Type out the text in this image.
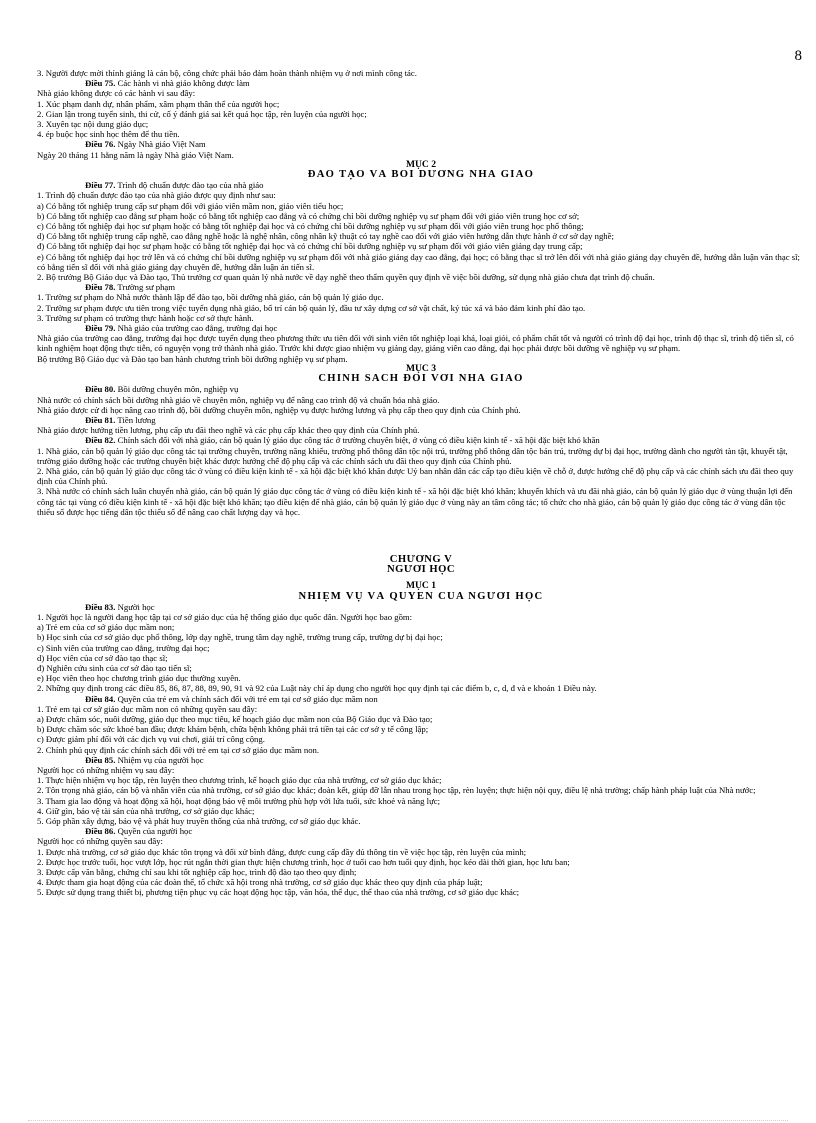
8

3. Người được mời thỉnh giảng là cán bộ, công chức phải bảo đảm hoàn thành nhiệm vụ ở nơi mình công tác.

Điều 75. Các hành vi nhà giáo không được làm

Nhà giáo không được có các hành vi sau đây:

1. Xúc phạm danh dự, nhân phẩm, xâm phạm thân thể của người học;

2. Gian lận trong tuyển sinh, thi cử, cố ý đánh giá sai kết quả học tập, rèn luyện của người học;

3. Xuyên tạc nội dung giáo dục;

4. ép buộc học sinh học thêm để thu tiền.

Điều 76. Ngày Nhà giáo Việt Nam

Ngày 20 tháng 11 hằng năm là ngày Nhà giáo Việt Nam.

MỤC 2

ĐÀO TẠO VÀ BỒI DƯỠNG NHÀ GIÁO

Điều 77. Trình độ chuẩn được đào tạo của nhà giáo

1. Trình độ chuẩn được đào tạo của nhà giáo được quy định như sau:

a) Có bằng tốt nghiệp trung cấp sư phạm đối với giáo viên mầm non, giáo viên tiểu học;

b) Có bằng tốt nghiệp cao đẳng sư phạm hoặc có bằng tốt nghiệp cao đẳng và có chứng chỉ bồi dưỡng nghiệp vụ sư phạm đối với giáo viên trung học cơ sở;

c) Có bằng tốt nghiệp đại học sư phạm hoặc có bằng tốt nghiệp đại học và có chứng chỉ bồi dưỡng nghiệp vụ sư phạm đối với giáo viên trung học phổ thông;

d) Có bằng tốt nghiệp trung cấp nghề, cao đẳng nghề hoặc là nghệ nhân, công nhân kỹ thuật có tay nghề cao đối với giáo viên hướng dẫn thực hành ở cơ sở dạy nghề;

đ) Có bằng tốt nghiệp đại học sư phạm hoặc có bằng tốt nghiệp đại học và có chứng chỉ bồi dưỡng nghiệp vụ sư phạm đối với giáo viên giảng dạy trung cấp;

e) Có bằng tốt nghiệp đại học trở lên và có chứng chỉ bồi dưỡng nghiệp vụ sư phạm đối với nhà giáo giảng dạy cao đẳng, đại học; có bằng thạc sĩ trở lên đối với nhà giáo giảng dạy chuyên đề, hướng dẫn luận văn thạc sĩ; có bằng tiến sĩ đối với nhà giáo giảng dạy chuyên đề, hướng dẫn luận án tiến sĩ.

2. Bộ trưởng Bộ Giáo dục và Đào tạo, Thủ trưởng cơ quan quản lý nhà nước về dạy nghề theo thẩm quyền quy định về việc bồi dưỡng, sử dụng nhà giáo chưa đạt trình độ chuẩn.

Điều 78. Trường sư phạm

1. Trường sư phạm do Nhà nước thành lập để đào tạo, bồi dưỡng nhà giáo, cán bộ quản lý giáo dục.

2. Trường sư phạm được ưu tiên trong việc tuyển dụng nhà giáo, bố trí cán bộ quản lý, đầu tư xây dựng cơ sở vật chất, ký túc xá và bảo đảm kinh phí đào tạo.

3. Trường sư phạm có trường thực hành hoặc cơ sở thực hành.

Điều 79. Nhà giáo của trường cao đẳng, trường đại học

Nhà giáo của trường cao đẳng, trường đại học được tuyển dụng theo phương thức ưu tiên đối với sinh viên tốt nghiệp loại khá, loại giỏi, có phẩm chất tốt và người có trình độ đại học, trình độ thạc sĩ, trình độ tiến sĩ, có kinh nghiệm hoạt động thực tiễn, có nguyện vọng trở thành nhà giáo. Trước khi được giao nhiệm vụ giảng dạy, giảng viên cao đẳng, đại học phải được bồi dưỡng về nghiệp vụ sư phạm.

Bộ trưởng Bộ Giáo dục và Đào tạo ban hành chương trình bồi dưỡng nghiệp vụ sư phạm.

MỤC 3

CHÍNH SÁCH ĐỐI VỚI NHÀ GIÁO

Điều 80. Bồi dưỡng chuyên môn, nghiệp vụ

Nhà nước có chính sách bồi dưỡng nhà giáo về chuyên môn, nghiệp vụ để nâng cao trình độ và chuẩn hóa nhà giáo.

Nhà giáo được cử đi học nâng cao trình độ, bồi dưỡng chuyên môn, nghiệp vụ được hưởng lương và phụ cấp theo quy định của Chính phủ.

Điều 81. Tiền lương

Nhà giáo được hưởng tiền lương, phụ cấp ưu đãi theo nghề và các phụ cấp khác theo quy định của Chính phủ.

Điều 82. Chính sách đối với nhà giáo, cán bộ quản lý giáo dục công tác ở trường chuyên biệt, ở vùng có điều kiện kinh tế - xã hội đặc biệt khó khăn

1. Nhà giáo, cán bộ quản lý giáo dục công tác tại trường chuyên, trường năng khiếu, trường phổ thông dân tộc nội trú, trường phổ thông dân tộc bán trú, trường dự bị đại học, trường dành cho người tàn tật, khuyết tật, trường giáo dưỡng hoặc các trường chuyên biệt khác được hưởng chế độ phụ cấp và các chính sách ưu đãi theo quy định của Chính phủ.

2. Nhà giáo, cán bộ quản lý giáo dục công tác ở vùng có điều kiện kinh tế - xã hội đặc biệt khó khăn được Uỷ ban nhân dân các cấp tạo điều kiện về chỗ ở, được hưởng chế độ phụ cấp và các chính sách ưu đãi theo quy định của Chính phủ.

3. Nhà nước có chính sách luân chuyển nhà giáo, cán bộ quản lý giáo dục công tác ở vùng có điều kiện kinh tế - xã hội đặc biệt khó khăn; khuyến khích và ưu đãi nhà giáo, cán bộ quản lý giáo dục ở vùng thuận lợi đến công tác tại vùng có điều kiện kinh tế - xã hội đặc biệt khó khăn; tạo điều kiện để nhà giáo, cán bộ quản lý giáo dục ở vùng này an tâm công tác; tổ chức cho nhà giáo, cán bộ quản lý giáo dục công tác ở vùng dân tộc thiểu số được học tiếng dân tộc thiểu số để nâng cao chất lượng dạy và học.

CHƯƠNG V

NGƯỜI HỌC

MỤC 1

NHIỆM VỤ VÀ QUYỀN CỦA NGƯỜI HỌC

Điều 83. Người học

1. Người học là người đang học tập tại cơ sở giáo dục của hệ thống giáo dục quốc dân. Người học bao gồm:

a) Trẻ em của cơ sở giáo dục mầm non;

b) Học sinh của cơ sở giáo dục phổ thông, lớp dạy nghề, trung tâm dạy nghề, trường trung cấp, trường dự bị đại học;

c) Sinh viên của trường cao đẳng, trường đại học;

d) Học viên của cơ sở đào tạo thạc sĩ;

đ) Nghiên cứu sinh của cơ sở đào tạo tiến sĩ;

e) Học viên theo học chương trình giáo dục thường xuyên.

2. Những quy định trong các điều 85, 86, 87, 88, 89, 90, 91 và 92 của Luật này chỉ áp dụng cho người học quy định tại các điểm b, c, d, đ và e khoản 1 Điều này.

Điều 84. Quyền của trẻ em và chính sách đối với trẻ em tại cơ sở giáo dục mầm non

1. Trẻ em tại cơ sở giáo dục mầm non có những quyền sau đây:

a) Được chăm sóc, nuôi dưỡng, giáo dục theo mục tiêu, kế hoạch giáo dục mầm non của Bộ Giáo dục và Đào tạo;

b) Được chăm sóc sức khoẻ ban đầu; được khám bệnh, chữa bệnh không phải trả tiền tại các cơ sở y tế công lập;

c) Được giảm phí đối với các dịch vụ vui chơi, giải trí công cộng.

2. Chính phủ quy định các chính sách đối với trẻ em tại cơ sở giáo dục mầm non.

Điều 85. Nhiệm vụ của người học

Người học có những nhiệm vụ sau đây:

1. Thực hiện nhiệm vụ học tập, rèn luyện theo chương trình, kế hoạch giáo dục của nhà trường, cơ sở giáo dục khác;

2. Tôn trọng nhà giáo, cán bộ và nhân viên của nhà trường, cơ sở giáo dục khác; đoàn kết, giúp đỡ lẫn nhau trong học tập, rèn luyện; thực hiện nội quy, điều lệ nhà trường; chấp hành pháp luật của Nhà nước;

3. Tham gia lao động và hoạt động xã hội, hoạt động bảo vệ môi trường phù hợp với lứa tuổi, sức khoẻ và năng lực;

4. Giữ gìn, bảo vệ tài sản của nhà trường, cơ sở giáo dục khác;

5. Góp phần xây dựng, bảo vệ và phát huy truyền thống của nhà trường, cơ sở giáo dục khác.

Điều 86. Quyền của người học

Người học có những quyền sau đây:

1. Được nhà trường, cơ sở giáo dục khác tôn trọng và đối xử bình đẳng, được cung cấp đầy đủ thông tin về việc học tập, rèn luyện của mình;

2. Được học trước tuổi, học vượt lớp, học rút ngắn thời gian thực hiện chương trình, học ở tuổi cao hơn tuổi quy định, học kéo dài thời gian, học lưu ban;

3. Được cấp văn bằng, chứng chỉ sau khi tốt nghiệp cấp học, trình độ đào tạo theo quy định;

4. Được tham gia hoạt động của các đoàn thể, tổ chức xã hội trong nhà trường, cơ sở giáo dục khác theo quy định của pháp luật;

5. Được sử dụng trang thiết bị, phương tiện phục vụ các hoạt động học tập, văn hóa, thể dục, thể thao của nhà trường, cơ sở giáo dục khác;
